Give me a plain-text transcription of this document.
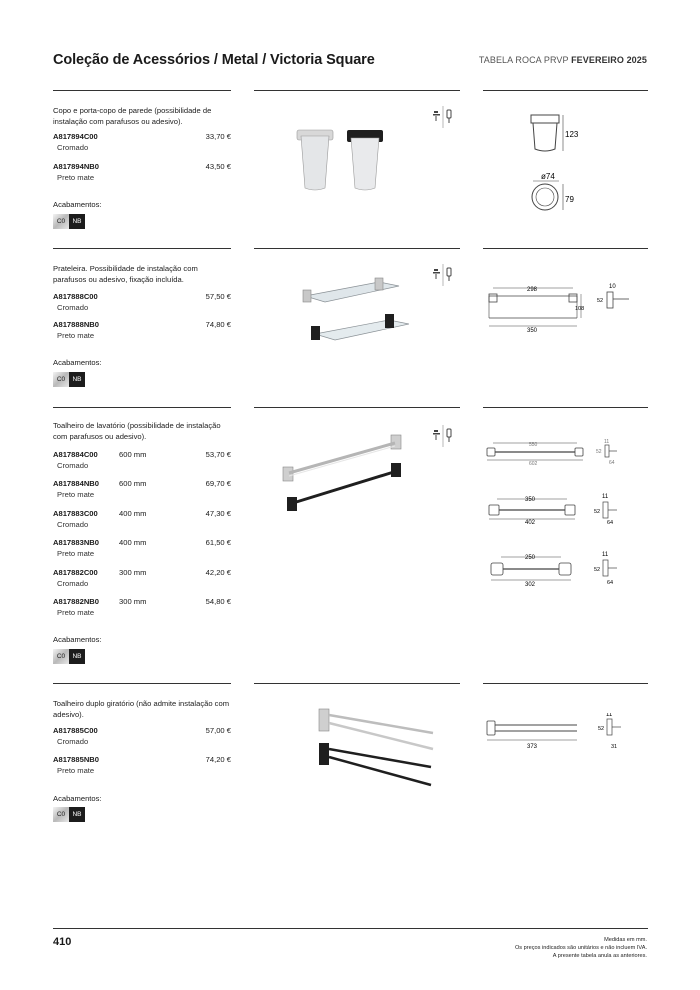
Coleção de Acessórios / Metal / Victoria Square	TABELA ROCA PRVP FEVEREIRO 2025
Copo e porta-copo de parede (possibilidade de instalação com parafusos ou adesivo).
A817894C00	33,70 €
Cromado
A817894NB0	43,50 €
Preto mate
Acabamentos:
C0	NB
123
ø74
79
Prateleira. Possibilidade de instalação com parafusos ou adesivo, fixação incluída.
A817888C00	57,50 €
Cromado
A817888NB0	74,80 €
Preto mate
Acabamentos:
C0	NB
298
108
350
10
52
Toalheiro de lavatório (possibilidade de instalação com parafusos ou adesivo).
A817884C00	600 mm	53,70 €
Cromado
A817884NB0	600 mm	69,70 €
Preto mate
A817883C00	400 mm	47,30 €
Cromado
A817883NB0	400 mm	61,50 €
Preto mate
A817882C00	300 mm	42,20 €
Cromado
A817882NB0	300 mm	54,80 €
Preto mate
Acabamentos:
C0	NB
550
602
11
52
64
350
402
11
52
64
250
302
11
52
64
Toalheiro duplo giratório (não admite instalação com adesivo).
A817885C00	57,00 €
Cromado
A817885NB0	74,20 €
Preto mate
Acabamentos:
C0	NB
373
11
52
31
410	Medidas em mm.
Os preços indicados são unitários e não incluem IVA.
A presente tabela anula as anteriores.
